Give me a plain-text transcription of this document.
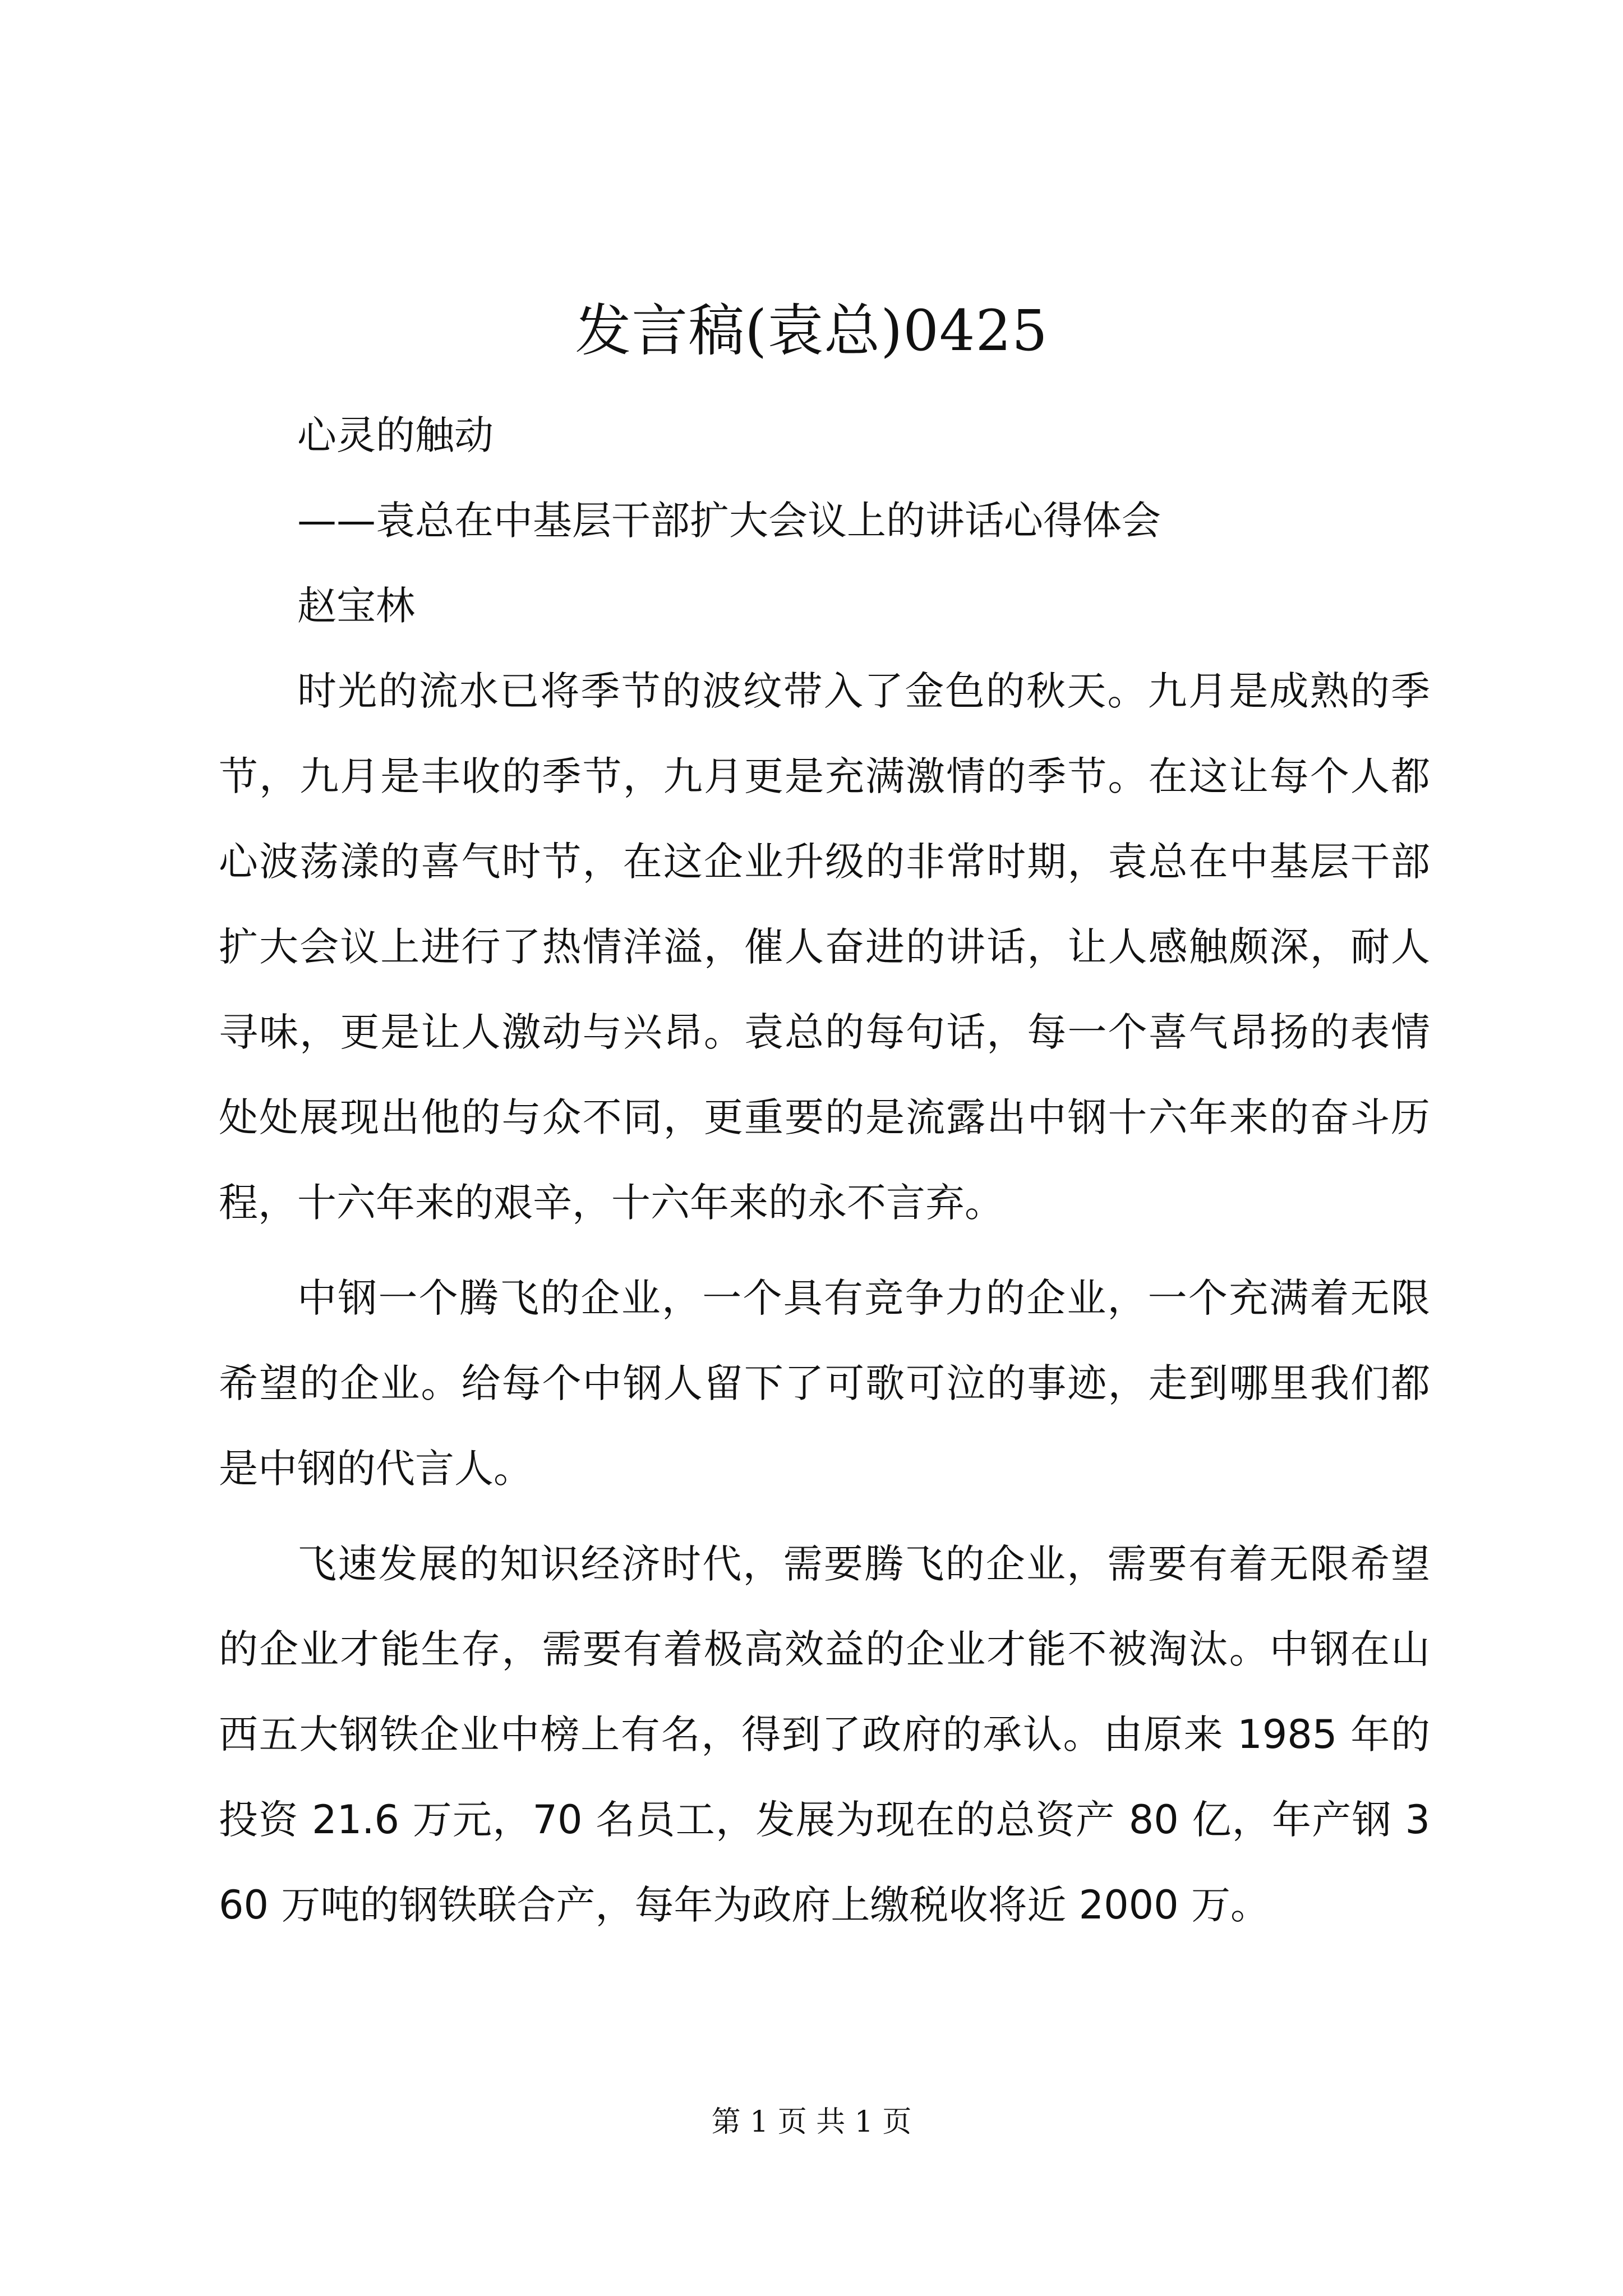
发言稿(袁总)0425

心灵的触动

——袁总在中基层干部扩大会议上的讲话心得体会

赵宝林

时光的流水已将季节的波纹带入了金色的秋天。九月是成熟的季节，九月是丰收的季节，九月更是充满激情的季节。在这让每个人都心波荡漾的喜气时节，在这企业升级的非常时期，袁总在中基层干部扩大会议上进行了热情洋溢，催人奋进的讲话，让人感触颇深，耐人寻味，更是让人激动与兴昂。袁总的每句话，每一个喜气昂扬的表情处处展现出他的与众不同，更重要的是流露出中钢十六年来的奋斗历程，十六年来的艰辛，十六年来的永不言弃。

中钢一个腾飞的企业，一个具有竞争力的企业，一个充满着无限希望的企业。给每个中钢人留下了可歌可泣的事迹，走到哪里我们都是中钢的代言人。

飞速发展的知识经济时代，需要腾飞的企业，需要有着无限希望的企业才能生存，需要有着极高效益的企业才能不被淘汰。中钢在山西五大钢铁企业中榜上有名，得到了政府的承认。由原来 1985 年的投资 21.6 万元，70 名员工，发展为现在的总资产 80 亿，年产钢 360 万吨的钢铁联合产，每年为政府上缴税收将近 2000 万。

第 1 页 共 1 页
